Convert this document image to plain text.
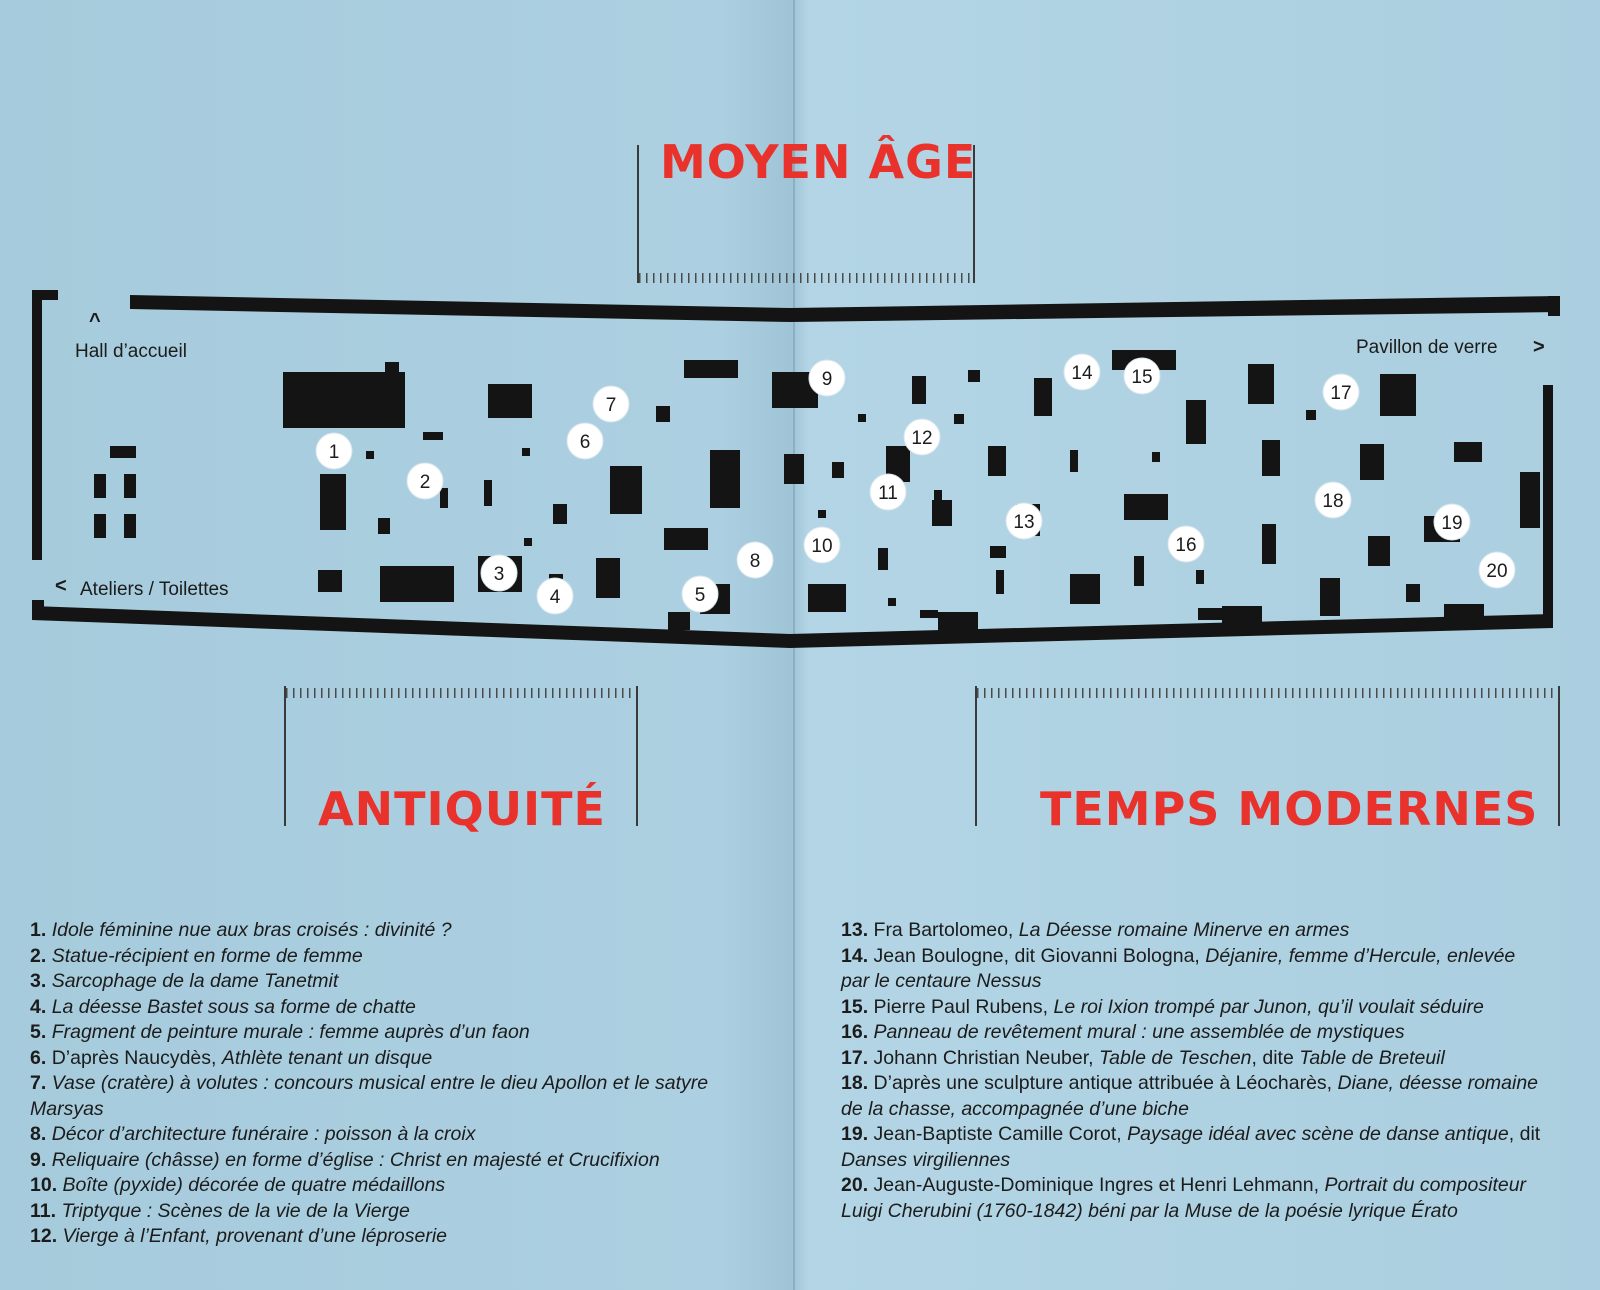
MOYEN ÂGE
ANTIQUITÉ	TEMPS MODERNES
1
2
3
4	5
6
7
8
9
10
11
12
13
14 15
16
17
18
19
20
^
Hall d’accueil	Pavillon de verre >
< Ateliers / Toilettes

1. Idole féminine nue aux bras croisés : divinité ?

2. Statue-récipient en forme de femme

3. Sarcophage de la dame Tanetmit

4. La déesse Bastet sous sa forme de chatte

5. Fragment de peinture murale : femme auprès d’un faon

6. D’après Naucydès, Athlète tenant un disque

7. Vase (cratère) à volutes : concours musical entre le dieu Apollon et le satyre Marsyas

8. Décor d’architecture funéraire : poisson à la croix

9. Reliquaire (châsse) en forme d’église : Christ en majesté et Crucifixion

10. Boîte (pyxide) décorée de quatre médaillons

11. Triptyque : Scènes de la vie de la Vierge

12. Vierge à l’Enfant, provenant d’une léproserie

13. Fra Bartolomeo, La Déesse romaine Minerve en armes

14. Jean Boulogne, dit Giovanni Bologna, Déjanire, femme d’Hercule, enlevée par le centaure Nessus

15. Pierre Paul Rubens, Le roi Ixion trompé par Junon, qu’il voulait séduire

16. Panneau de revêtement mural : une assemblée de mystiques

17. Johann Christian Neuber, Table de Teschen, dite Table de Breteuil

18. D’après une sculpture antique attribuée à Léocharès, Diane, déesse romaine de la chasse, accompagnée d’une biche

19. Jean-Baptiste Camille Corot, Paysage idéal avec scène de danse antique, dit Danses virgiliennes

20. Jean-Auguste-Dominique Ingres et Henri Lehmann, Portrait du compositeur Luigi Cherubini (1760-1842) béni par la Muse de la poésie lyrique Érato
